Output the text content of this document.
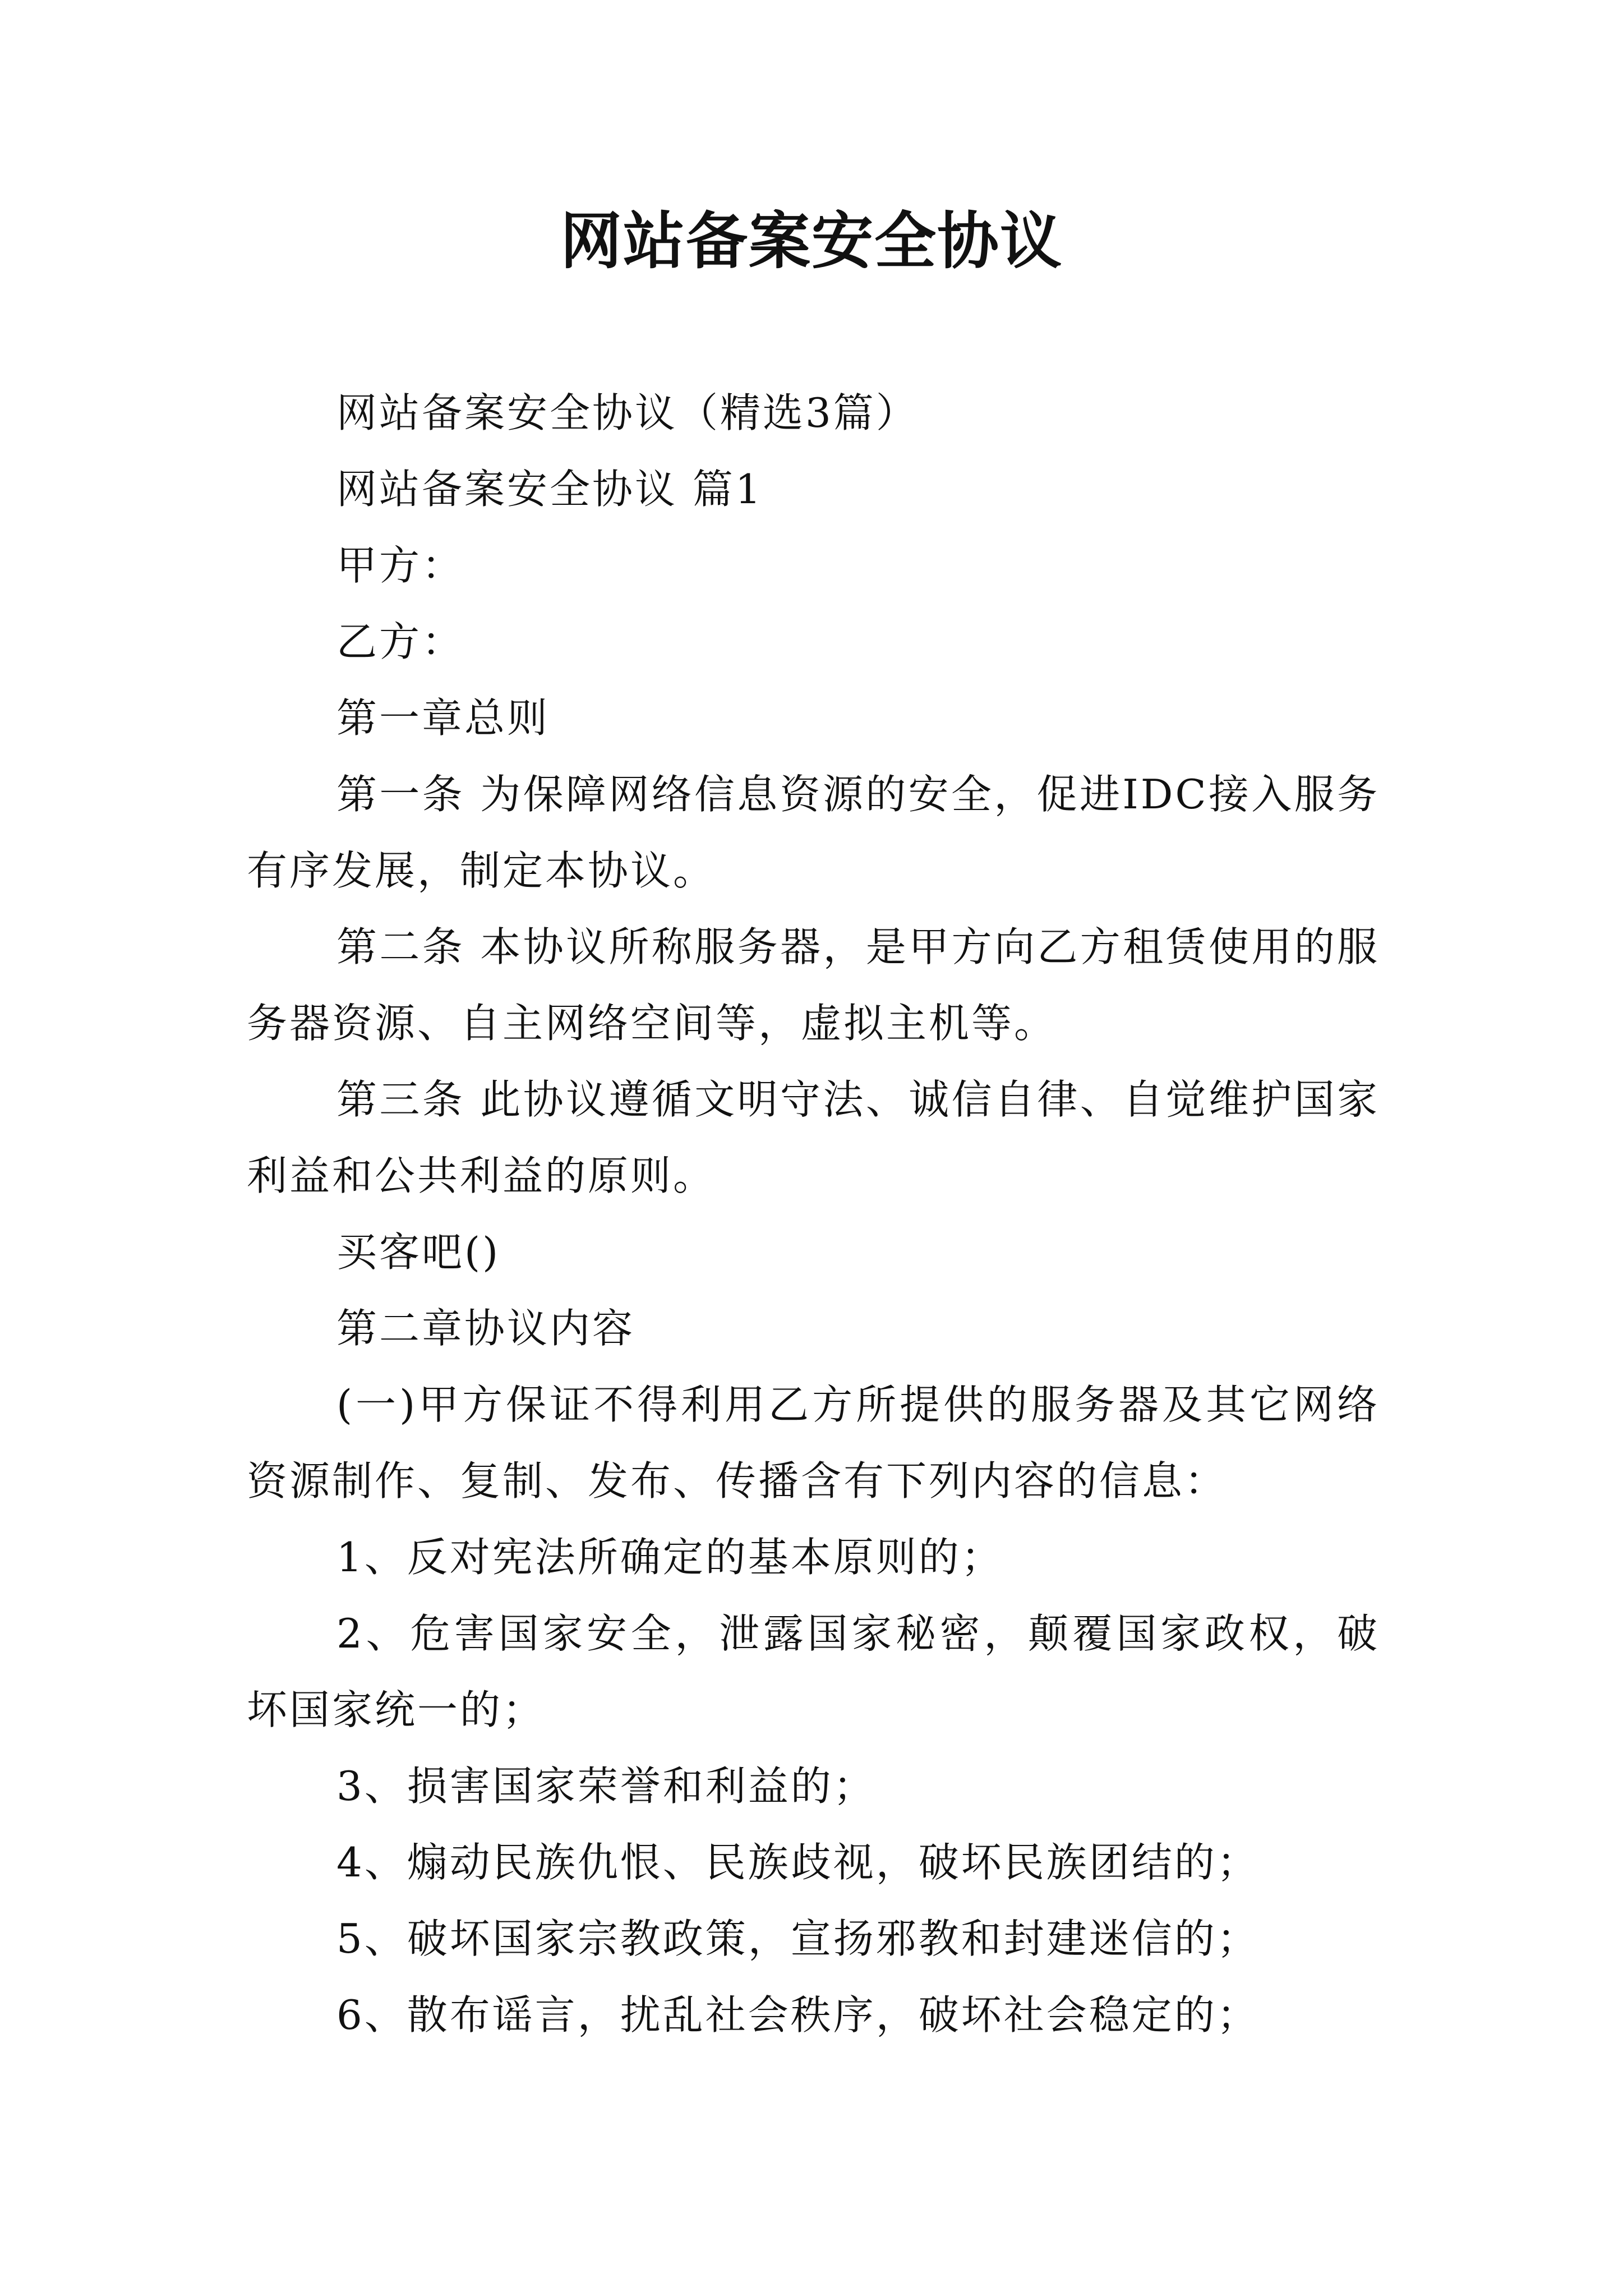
网站备案安全协议

网站备案安全协议（精选3篇）

网站备案安全协议 篇1

甲方：

乙方：

第一章总则

第一条 为保障网络信息资源的安全，促进IDC接入服务有序发展，制定本协议。

第二条 本协议所称服务器，是甲方向乙方租赁使用的服务器资源、自主网络空间等，虚拟主机等。

第三条 此协议遵循文明守法、诚信自律、自觉维护国家利益和公共利益的原则。

买客吧()

第二章协议内容

(一)甲方保证不得利用乙方所提供的服务器及其它网络资源制作、复制、发布、传播含有下列内容的信息：

1、反对宪法所确定的基本原则的；

2、危害国家安全，泄露国家秘密，颠覆国家政权，破坏国家统一的；

3、损害国家荣誉和利益的；

4、煽动民族仇恨、民族歧视，破坏民族团结的；

5、破坏国家宗教政策，宣扬邪教和封建迷信的；

6、散布谣言，扰乱社会秩序，破坏社会稳定的；
